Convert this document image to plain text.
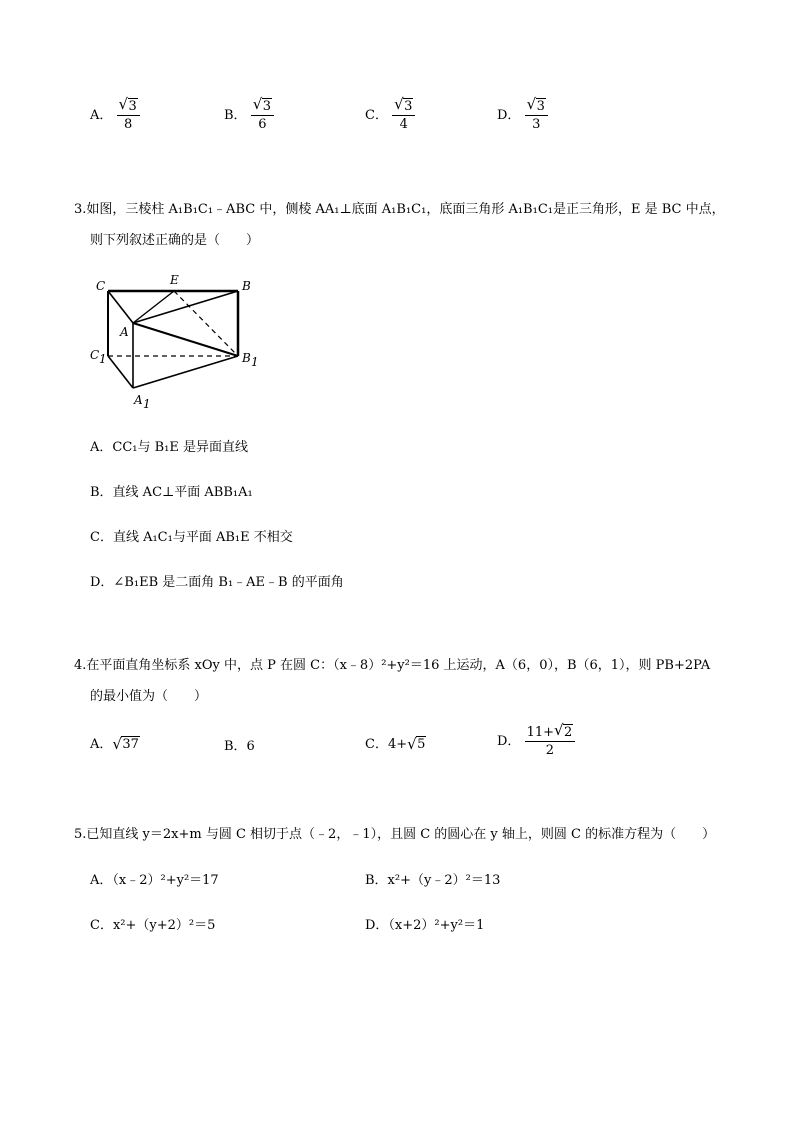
A． $\frac{√ 3}{8}$	B． $\frac{√ 3}{6}$	C． $\frac{√ 3}{4}$	D． $\frac{√ 3}{3}$
3.如图，三棱柱 A₁B₁C₁﹣ABC 中，侧棱 AA₁⊥底面 A₁B₁C₁，底面三角形 A₁B₁C₁是正三角形，E 是 BC 中点，
则下列叙述正确的是（　　）
C	E	B
A
C 1	B 1
A 1
A．CC₁与 B₁E 是异面直线
B．直线 AC⊥平面 ABB₁A₁
C．直线 A₁C₁与平面 AB₁E 不相交
D．∠B₁EB 是二面角 B₁﹣AE﹣B 的平面角
4.在平面直角坐标系 xOy 中，点 P 在圆 C：（x﹣8）²+y²＝16 上运动，A（6，0），B（6，1），则 PB+2PA
的最小值为（　　）
A． √ 37	B．6	C．4+ √ 5	D． $\frac{11+ √ 2}{2}$
5.已知直线 y＝2x+m 与圆 C 相切于点（﹣2，﹣1），且圆 C 的圆心在 y 轴上，则圆 C 的标准方程为（　　）
A．（x﹣2）²+y²＝17	B．x²+（y﹣2）²＝13
C．x²+（y+2）²＝5	D．（x+2）²+y²＝1
